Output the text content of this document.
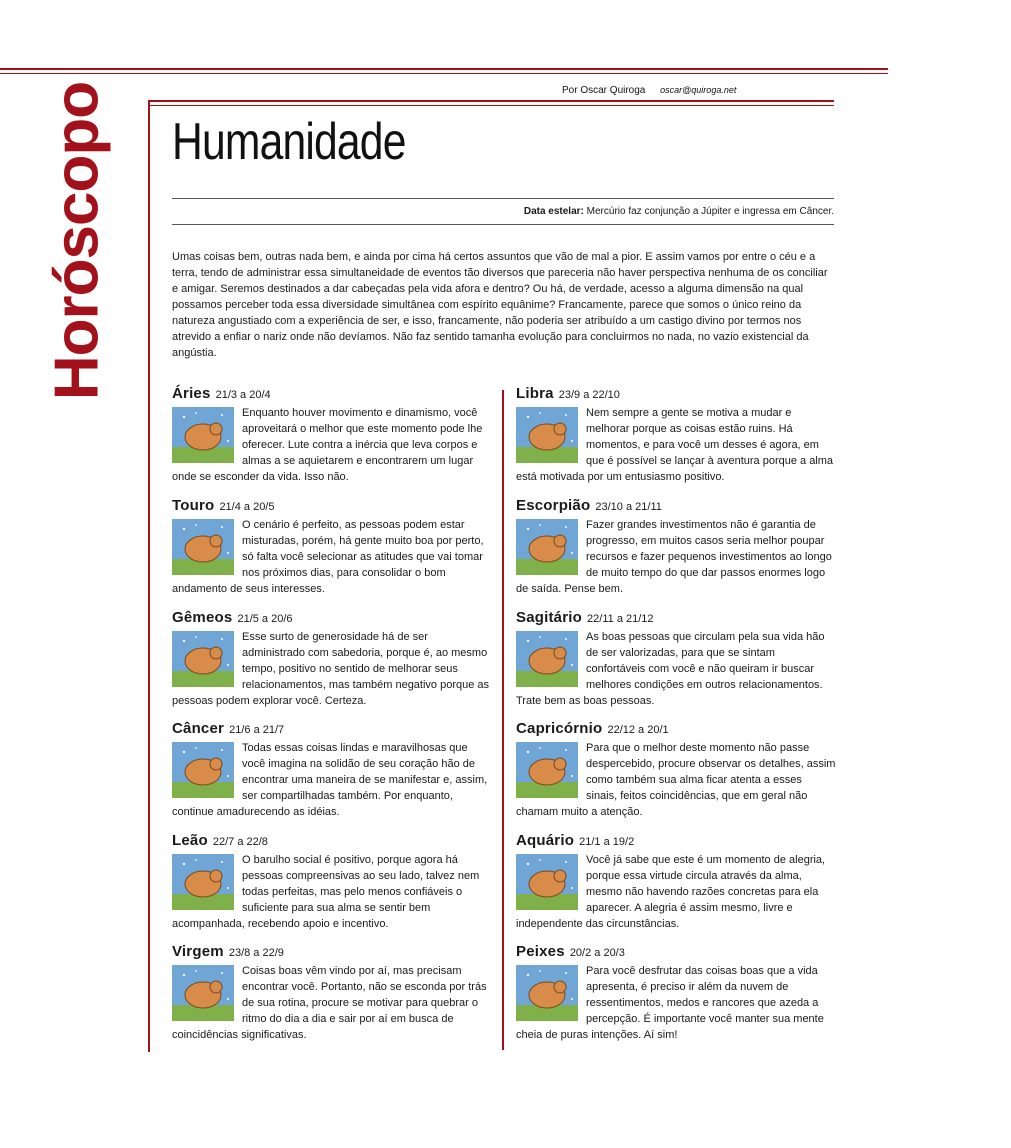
Horóscopo	Por Oscar Quiroga oscar@quiroga.net
Humanidade
Data estelar: Mercúrio faz conjunção a Júpiter e ingressa em Câncer.

Umas coisas bem, outras nada bem, e ainda por cima há certos assuntos que vão de mal a pior. E assim vamos por entre o céu e a terra, tendo de administrar essa simultaneidade de eventos tão diversos que pareceria não haver perspectiva nenhuma de os conciliar e amigar. Seremos destinados a dar cabeçadas pela vida afora e dentro? Ou há, de verdade, acesso a alguma dimensão na qual possamos perceber toda essa diversidade simultânea com espírito equânime? Francamente, parece que somos o único reino da natureza angustiado com a experiência de ser, e isso, francamente, não poderia ser atribuído a um castigo divino por termos nos atrevido a enfiar o nariz onde não devíamos. Não faz sentido tamanha evolução para concluirmos no nada, no vazio existencial da angústia.

Áries 21/3 a 20/4

Enquanto houver movimento e dinamismo, você aproveitará o melhor que este momento pode lhe oferecer. Lute contra a inércia que leva corpos e almas a se aquietarem e encontrarem um lugar onde se esconder da vida. Isso não.

Touro 21/4 a 20/5

O cenário é perfeito, as pessoas podem estar misturadas, porém, há gente muito boa por perto, só falta você selecionar as atitudes que vai tomar nos próximos dias, para consolidar o bom andamento de seus interesses.

Gêmeos 21/5 a 20/6

Esse surto de generosidade há de ser administrado com sabedoria, porque é, ao mesmo tempo, positivo no sentido de melhorar seus relacionamentos, mas também negativo porque as pessoas podem explorar você. Certeza.

Câncer 21/6 a 21/7

Todas essas coisas lindas e maravilhosas que você imagina na solidão de seu coração hão de encontrar uma maneira de se manifestar e, assim, ser compartilhadas também. Por enquanto, continue amadurecendo as idéias.

Leão 22/7 a 22/8

O barulho social é positivo, porque agora há pessoas compreensivas ao seu lado, talvez nem todas perfeitas, mas pelo menos confiáveis o suficiente para sua alma se sentir bem acompanhada, recebendo apoio e incentivo.

Virgem 23/8 a 22/9

Coisas boas vêm vindo por aí, mas precisam encontrar você. Portanto, não se esconda por trás de sua rotina, procure se motivar para quebrar o ritmo do dia a dia e sair por aí em busca de coincidências significativas.

Libra 23/9 a 22/10

Nem sempre a gente se motiva a mudar e melhorar porque as coisas estão ruins. Há momentos, e para você um desses é agora, em que é possível se lançar à aventura porque a alma está motivada por um entusiasmo positivo.

Escorpião 23/10 a 21/11

Fazer grandes investimentos não é garantia de progresso, em muitos casos seria melhor poupar recursos e fazer pequenos investimentos ao longo de muito tempo do que dar passos enormes logo de saída. Pense bem.

Sagitário 22/11 a 21/12

As boas pessoas que circulam pela sua vida hão de ser valorizadas, para que se sintam confortáveis com você e não queiram ir buscar melhores condições em outros relacionamentos. Trate bem as boas pessoas.

Capricórnio 22/12 a 20/1

Para que o melhor deste momento não passe despercebido, procure observar os detalhes, assim como também sua alma ficar atenta a esses sinais, feitos coincidências, que em geral não chamam muito a atenção.

Aquário 21/1 a 19/2

Você já sabe que este é um momento de alegria, porque essa virtude circula através da alma, mesmo não havendo razões concretas para ela aparecer. A alegria é assim mesmo, livre e independente das circunstâncias.

Peixes 20/2 a 20/3

Para você desfrutar das coisas boas que a vida apresenta, é preciso ir além da nuvem de ressentimentos, medos e rancores que azeda a percepção. É importante você manter sua mente cheia de puras intenções. Aí sim!
